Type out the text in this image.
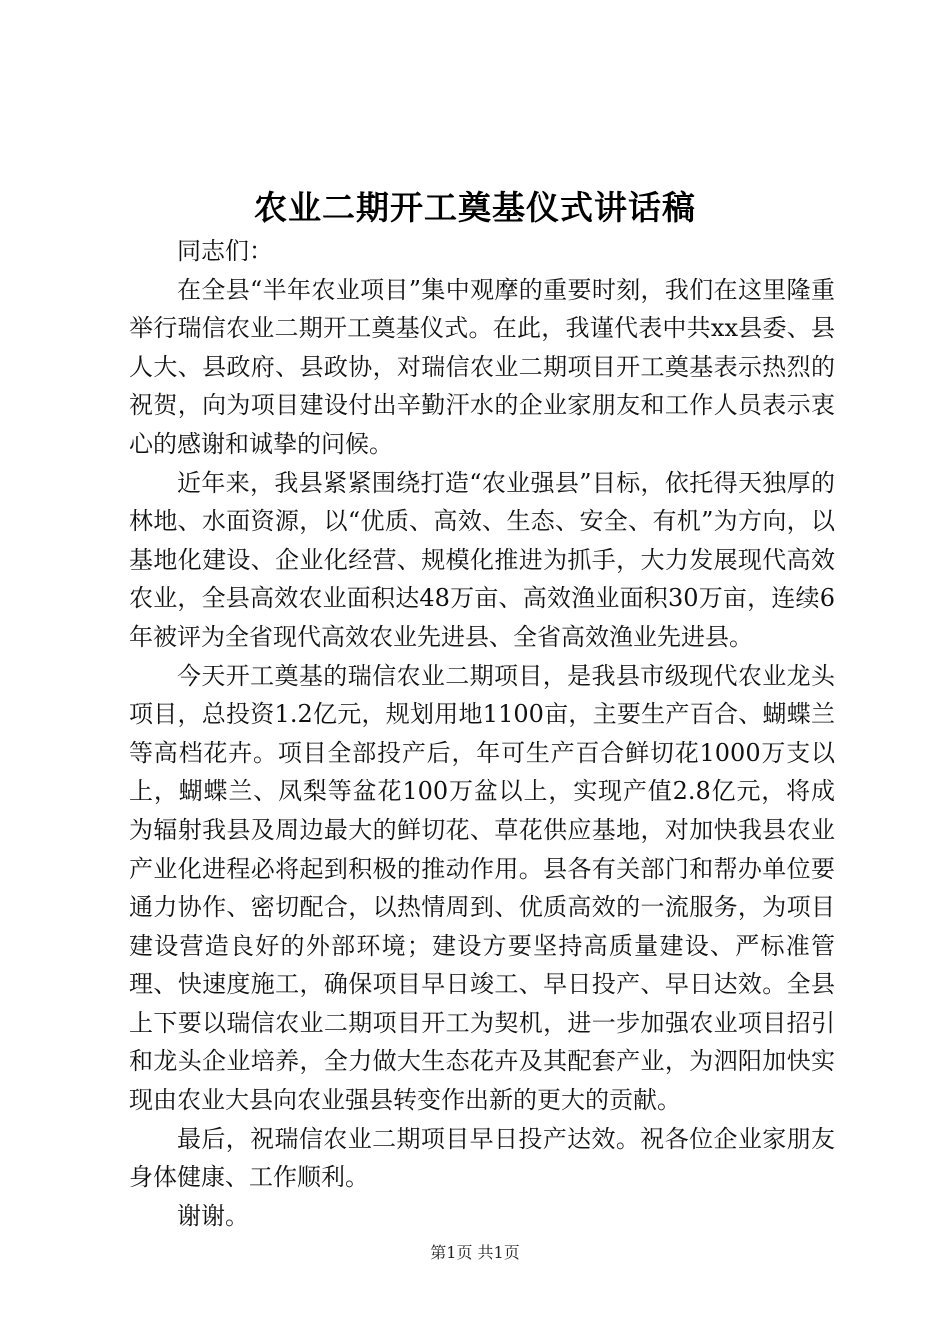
农业二期开工奠基仪式讲话稿

同志们：

在全县“半年农业项目”集中观摩的重要时刻，我们在这里隆重举行瑞信农业二期开工奠基仪式。在此，我谨代表中共xx县委、县人大、县政府、县政协，对瑞信农业二期项目开工奠基表示热烈的祝贺，向为项目建设付出辛勤汗水的企业家朋友和工作人员表示衷心的感谢和诚挚的问候。

近年来，我县紧紧围绕打造“农业强县”目标，依托得天独厚的林地、水面资源，以“优质、高效、生态、安全、有机”为方向，以基地化建设、企业化经营、规模化推进为抓手，大力发展现代高效农业，全县高效农业面积达48万亩、高效渔业面积30万亩，连续6年被评为全省现代高效农业先进县、全省高效渔业先进县。

今天开工奠基的瑞信农业二期项目，是我县市级现代农业龙头项目，总投资1.2亿元，规划用地1100亩，主要生产百合、蝴蝶兰等高档花卉。项目全部投产后，年可生产百合鲜切花1000万支以上，蝴蝶兰、凤梨等盆花100万盆以上，实现产值2.8亿元，将成为辐射我县及周边最大的鲜切花、草花供应基地，对加快我县农业产业化进程必将起到积极的推动作用。县各有关部门和帮办单位要通力协作、密切配合，以热情周到、优质高效的一流服务，为项目建设营造良好的外部环境；建设方要坚持高质量建设、严标准管理、快速度施工，确保项目早日竣工、早日投产、早日达效。全县上下要以瑞信农业二期项目开工为契机，进一步加强农业项目招引和龙头企业培养，全力做大生态花卉及其配套产业，为泗阳加快实现由农业大县向农业强县转变作出新的更大的贡献。

最后，祝瑞信农业二期项目早日投产达效。祝各位企业家朋友身体健康、工作顺利。

谢谢。

第1页 共1页
